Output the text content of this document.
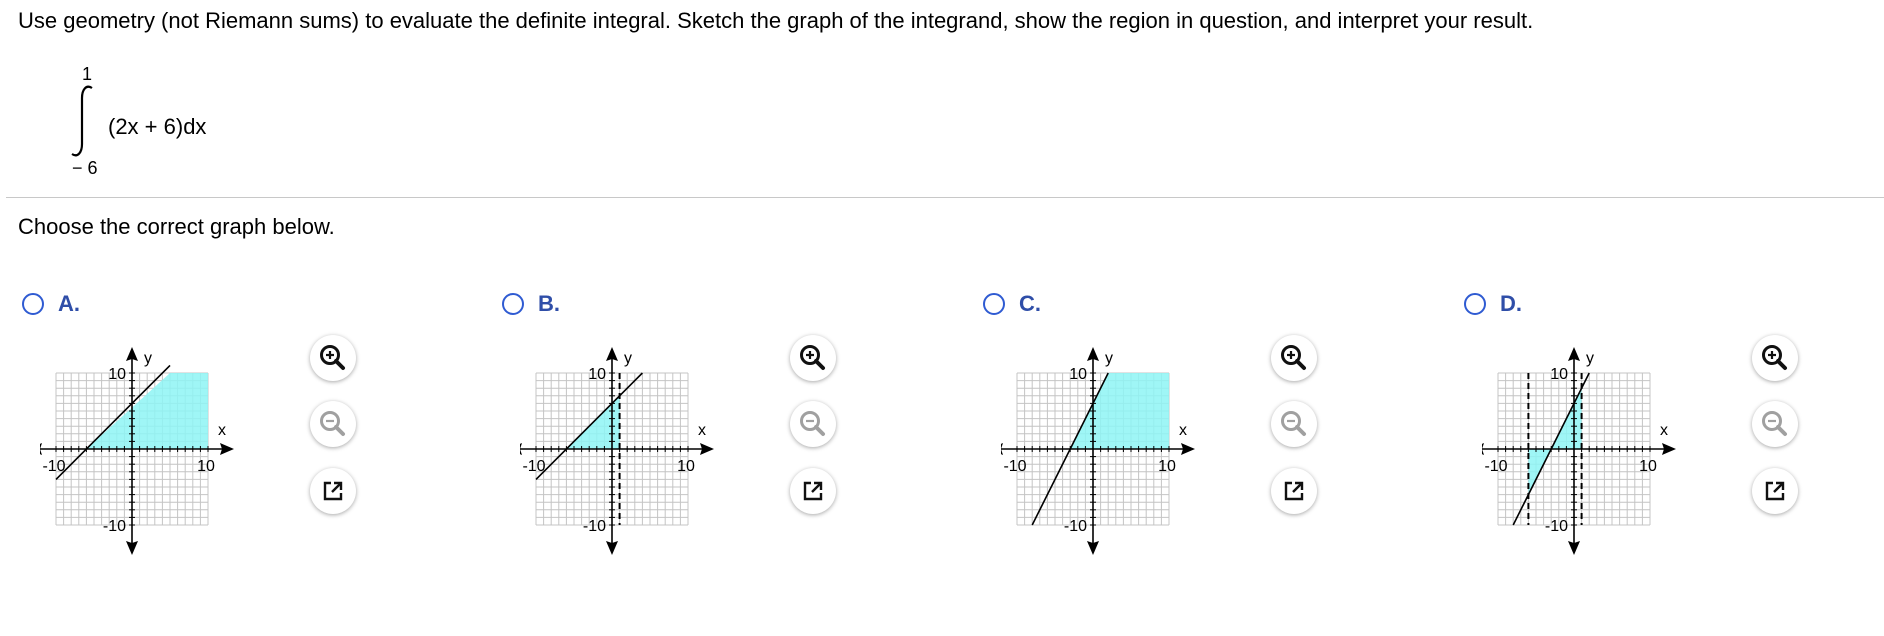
Use geometry (not Riemann sums) to evaluate the definite integral. Sketch the graph of the integrand, show the region in question, and interpret your result.
1
(2x + 6)dx
− 6
Choose the correct graph below.
A.
-10	10
10
-10
x
y
B.
-10	10
10
-10
x
y
C.
-10	10
10
-10
x
y
D.
-10	10
10
-10
x
y
